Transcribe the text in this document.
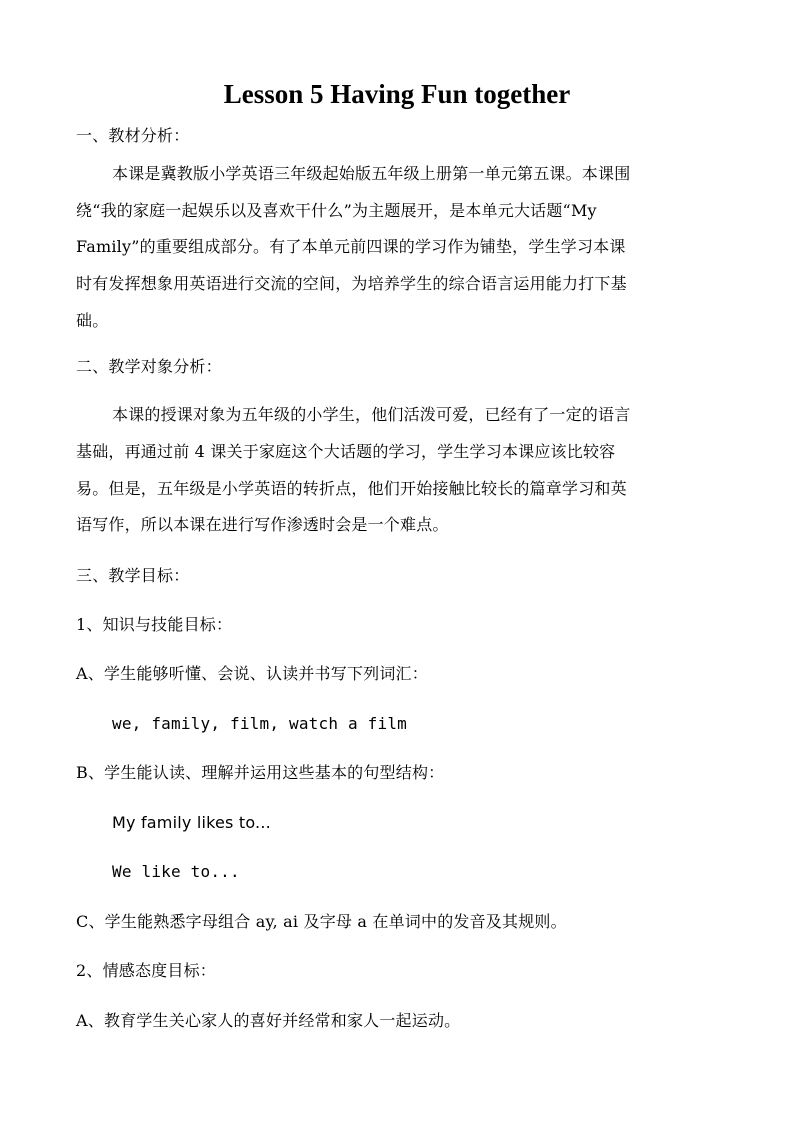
Lesson 5 Having Fun together
一、教材分析：
本课是冀教版小学英语三年级起始版五年级上册第一单元第五课。本课围
绕“我的家庭一起娱乐以及喜欢干什么”为主题展开，是本单元大话题“My
Family”的重要组成部分。有了本单元前四课的学习作为铺垫，学生学习本课
时有发挥想象用英语进行交流的空间，为培养学生的综合语言运用能力打下基
础。
二、教学对象分析：
本课的授课对象为五年级的小学生，他们活泼可爱，已经有了一定的语言
基础，再通过前 4 课关于家庭这个大话题的学习，学生学习本课应该比较容
易。但是，五年级是小学英语的转折点，他们开始接触比较长的篇章学习和英
语写作，所以本课在进行写作渗透时会是一个难点。
三、教学目标：
1、知识与技能目标：
A、学生能够听懂、会说、认读并书写下列词汇：
we, family, film, watch a film
B、学生能认读、理解并运用这些基本的句型结构：
My family likes to...
We like to...
C、学生能熟悉字母组合 ay, ai 及字母 a 在单词中的发音及其规则。
2、情感态度目标：
A、教育学生关心家人的喜好并经常和家人一起运动。
